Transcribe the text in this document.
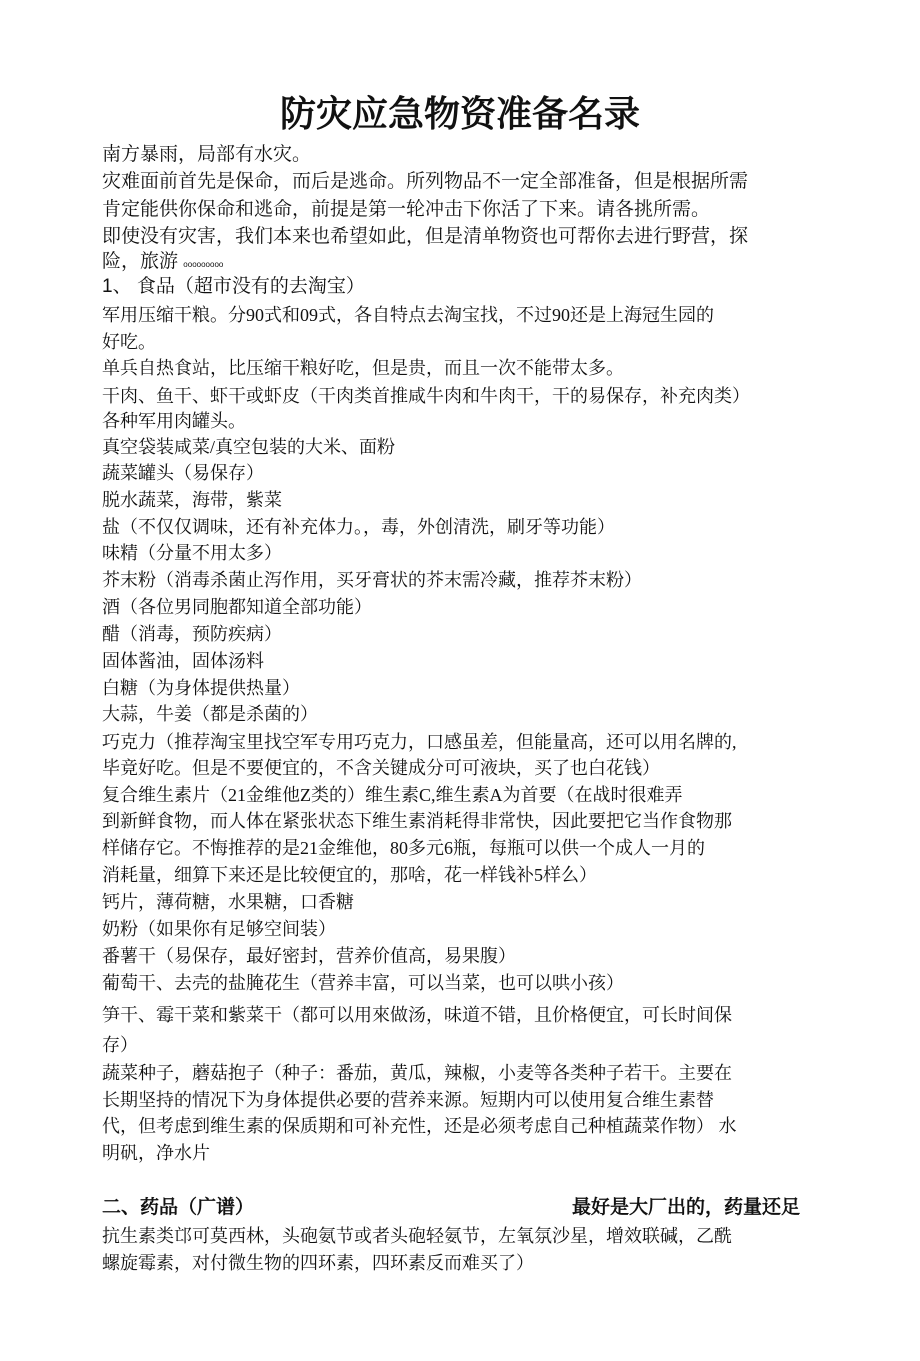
防灾应急物资准备名录
南方暴雨，局部有水灾。
灾难面前首先是保命，而后是逃命。所列物品不一定全部准备，但是根据所需
肯定能供你保命和逃命，前提是第一轮冲击下你活了下来。请各挑所需。
即使没有灾害，我们本来也希望如此，但是清单物资也可帮你去进行野营，探
险，旅游 ooooooooo
1、 食品（超市没有的去淘宝）
军用压缩干粮。分90式和09式，各自特点去淘宝找，不过90还是上海冠生园的
好吃。
单兵自热食站，比压缩干粮好吃，但是贵，而且一次不能带太多。
干肉、鱼干、虾干或虾皮（干肉类首推咸牛肉和牛肉干，干的易保存，补充肉类）
各种军用肉罐头。
真空袋装咸菜/真空包装的大米、面粉
蔬菜罐头（易保存）
脱水蔬菜，海带，紫菜
盐（不仅仅调味，还有补充体力。，毒，外创清洗，刷牙等功能）
味精（分量不用太多）
芥末粉（消毒杀菌止泻作用，买牙膏状的芥末需冷藏，推荐芥末粉）
酒（各位男同胞都知道全部功能）
醋（消毒，预防疾病）
固体酱油，固体汤料
白糖（为身体提供热量）
大蒜，牛姜（都是杀菌的）
巧克力（推荐淘宝里找空军专用巧克力，口感虽差，但能量高，还可以用名牌的,
毕竟好吃。但是不要便宜的，不含关键成分可可液块，买了也白花钱）
复合维生素片（21金维他Z类的）维生素C,维生素A为首要（在战时很难弄
到新鲜食物，而人体在紧张状态下维生素消耗得非常快，因此要把它当作食物那
样储存它。不悔推荐的是21金维他，80多元6瓶，每瓶可以供一个成人一月的
消耗量，细算下来还是比较便宜的，那啥，花一样钱补5样么）
钙片，薄荷糖，水果糖，口香糖
奶粉（如果你有足够空间装）
番薯干（易保存，最好密封，营养价值高，易果腹）
葡萄干、去壳的盐腌花生（营养丰富，可以当菜，也可以哄小孩）
笋干、霉干菜和紫菜干（都可以用來做汤，味道不错，且价格便宜，可长时间保
存）
蔬菜种子，蘑菇抱子（种子：番茄，黄瓜，辣椒，小麦等各类种子若干。主要在
长期坚持的情况下为身体提供必要的营养来源。短期内可以使用复合维生素替
代，但考虑到维生素的保质期和可补充性，还是必须考虑自己种植蔬菜作物） 水
明矾，净水片
二、药品（广谱）	最好是大厂出的，药量还足
抗生素类邙可莫西林，头砲氨节或者头砲轻氨节，左氧氛沙星，增效联碱，乙酰
螺旋霉素，对付微生物的四环素，四环素反而难买了）
